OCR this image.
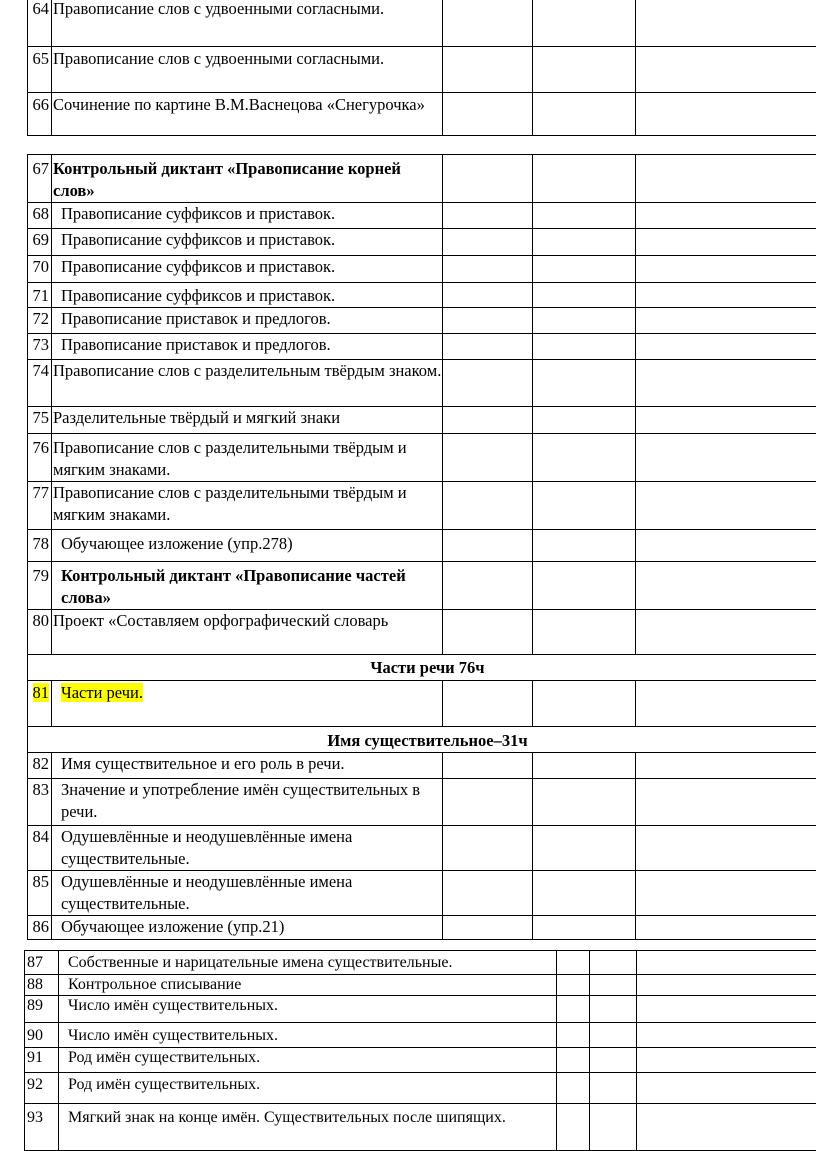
64	Правописание слов с удвоенными согласными.			
65	Правописание слов с удвоенными согласными.			
66	Сочинение по картине В.М.Васнецова «Снегурочка»			
67	Контрольный диктант «Правописание корней слов»			
68	Правописание суффиксов и приставок.			
69	Правописание суффиксов и приставок.			
70	Правописание суффиксов и приставок.			
71	Правописание суффиксов и приставок.			
72	Правописание приставок и предлогов.			
73	Правописание приставок и предлогов.			
74	Правописание слов с разделительным твёрдым знаком.			
75	Разделительные твёрдый и мягкий знаки			
76	Правописание слов с разделительными твёрдым и мягким знаками.			
77	Правописание слов с разделительными твёрдым и мягким знаками.			
78	Обучающее изложение (упр.278)			
79	Контрольный диктант «Правописание частей слова»			
80	Проект «Составляем орфографический словарь			
Части речи 76ч				
81	Части речи.			
Имя существительное–31ч				
82	Имя существительное и его роль в речи.			
83	Значение и употребление имён существительных в речи.			
84	Одушевлённые и неодушевлённые имена существительные.			
85	Одушевлённые и неодушевлённые имена существительные.			
86	Обучающее изложение (упр.21)			
87	Собственные и нарицательные имена существительные.			
88	Контрольное списывание			
89	Число имён существительных.			
90	Число имён существительных.			
91	Род имён существительных.			
92	Род имён существительных.			
93	Мягкий знак на конце имён. Существительных после шипящих.			
